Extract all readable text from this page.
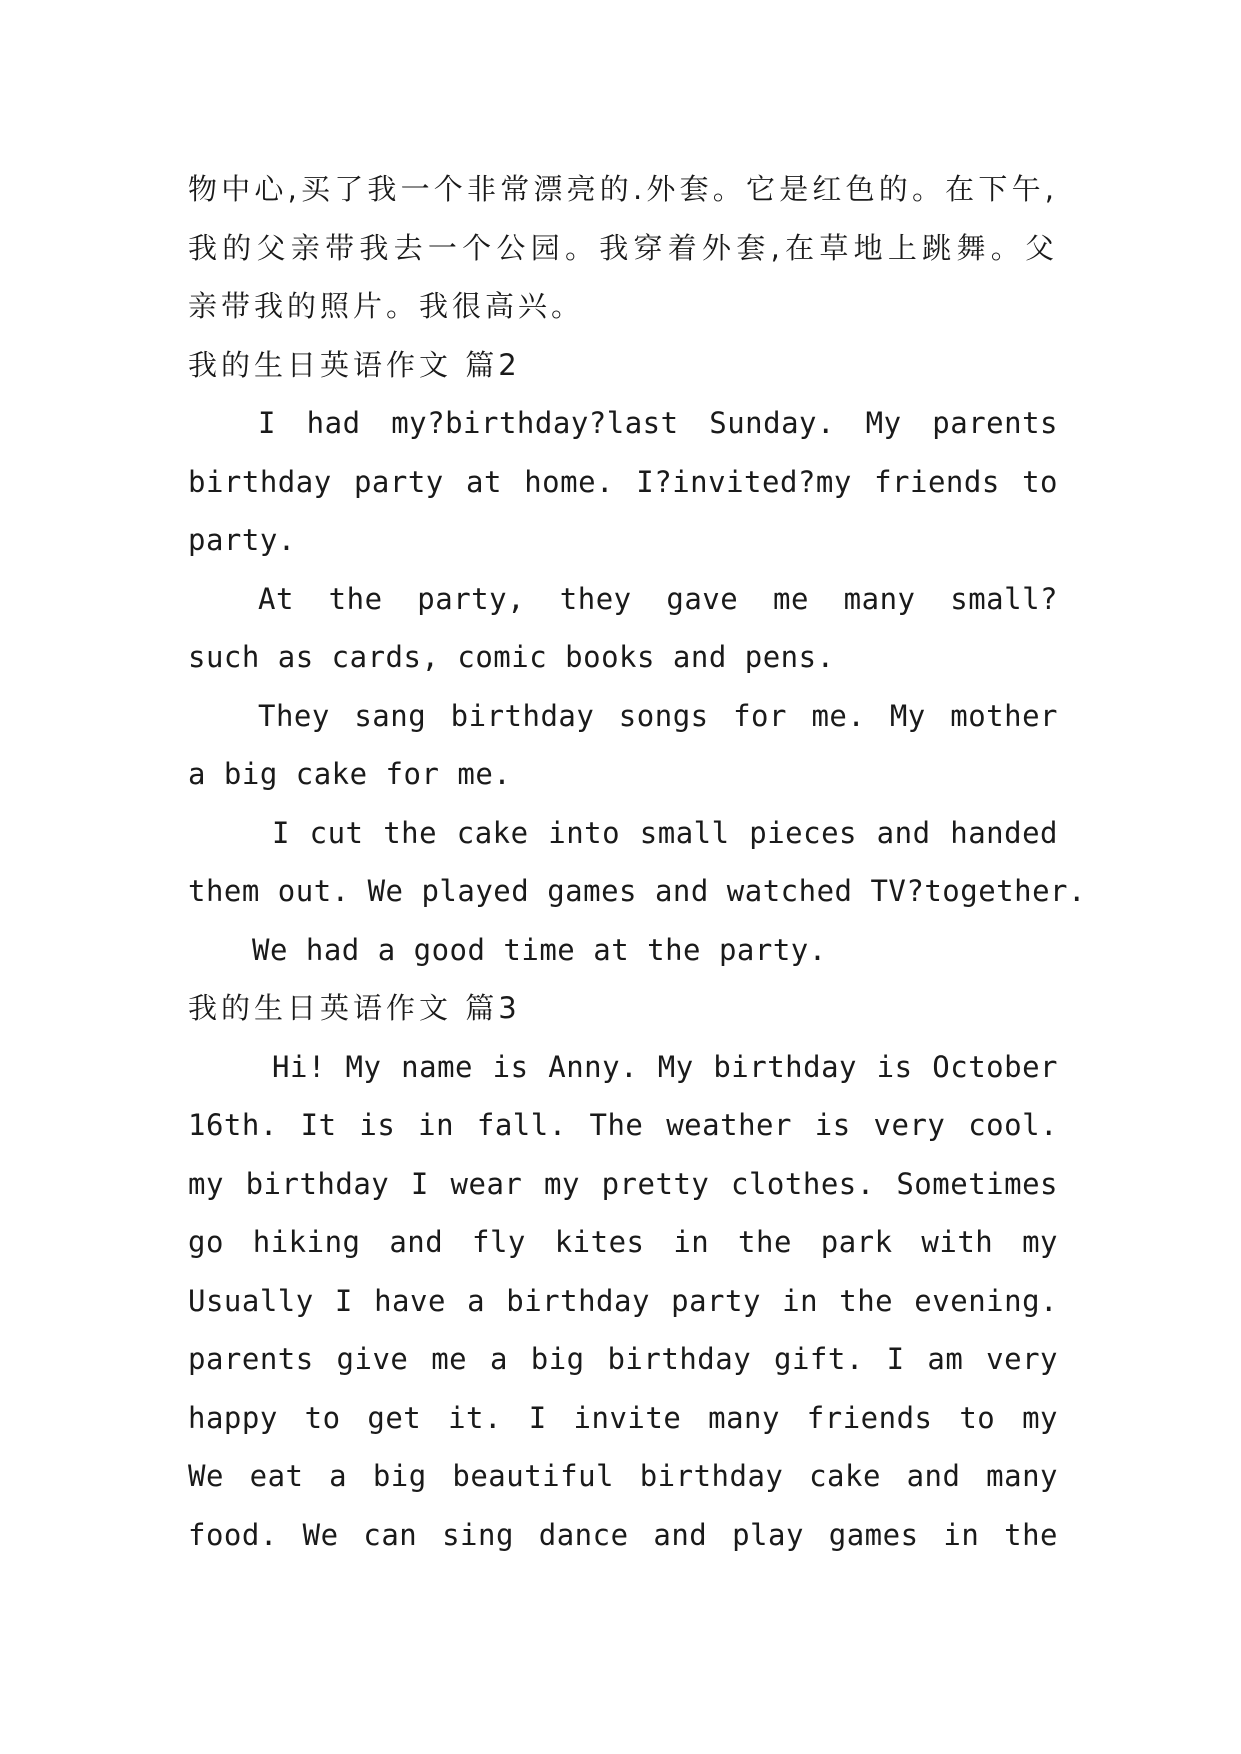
物中心,买了我一个非常漂亮的.外套。它是红色的。在下午,
我的父亲带我去一个公园。我穿着外套,在草地上跳舞。父
亲带我的照片。我很高兴。
我的生日英语作文 篇2
I had my?birthday?last Sunday. My parents
birthday party at home. I?invited?my friends to
party.
At the party, they gave me many small?
such as cards, comic books and pens.
They sang birthday songs for me. My mother
a big cake for me.
I cut the cake into small pieces and handed
them out. We played games and watched TV?together.
We had a good time at the party.
我的生日英语作文 篇3
Hi! My name is Anny. My birthday is October
16th. It is in fall. The weather is very cool.
my birthday I wear my pretty clothes. Sometimes
go hiking and fly kites in the park with my
Usually I have a birthday party in the evening.
parents give me a big birthday gift. I am very
happy to get it. I invite many friends to my
We eat a big beautiful birthday cake and many
food. We can sing dance and play games in the
